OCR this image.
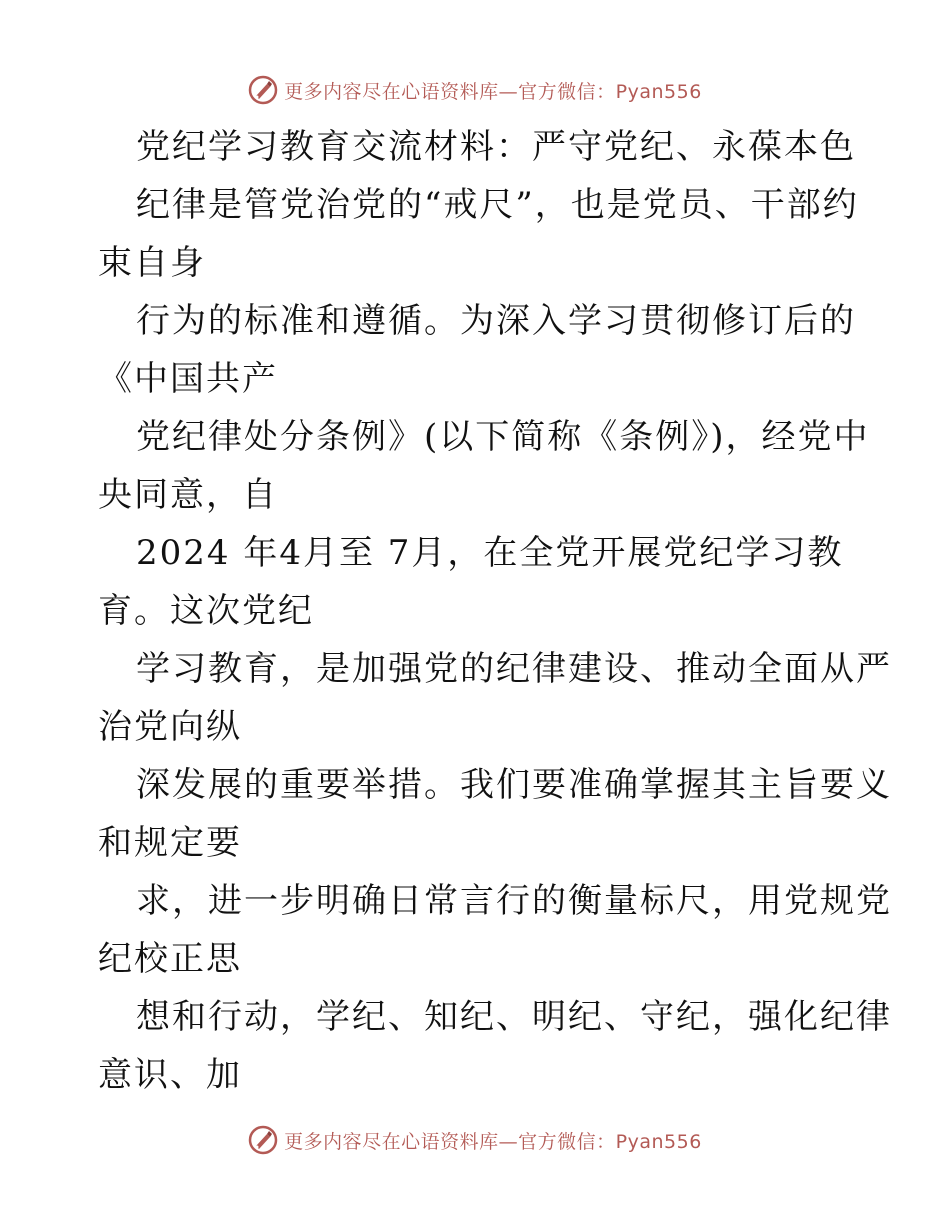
更多内容尽在心语资料库—官方微信：Pyan556
党纪学习教育交流材料：严守党纪、永葆本色
纪律是管党治党的“戒尺”，也是党员、干部约
束自身
行为的标准和遵循。为深入学习贯彻修订后的
《中国共产
党纪律处分条例》(以下简称《条例》)，经党中
央同意，自
2024 年4月至 7月，在全党开展党纪学习教
育。这次党纪
学习教育，是加强党的纪律建设、推动全面从严
治党向纵
深发展的重要举措。我们要准确掌握其主旨要义
和规定要
求，进一步明确日常言行的衡量标尺，用党规党
纪校正思
想和行动，学纪、知纪、明纪、守纪，强化纪律
意识、加
更多内容尽在心语资料库—官方微信：Pyan556
